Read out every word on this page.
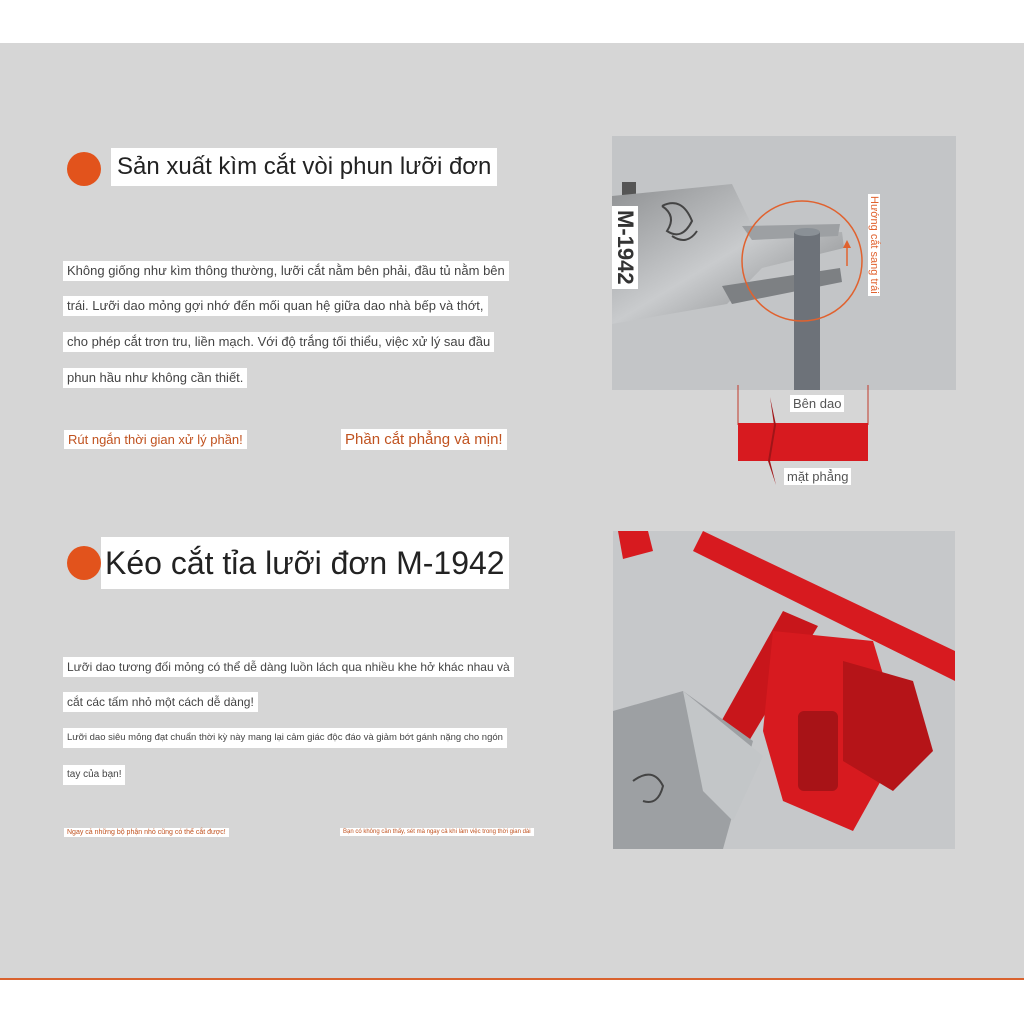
Sản xuất kìm cắt vòi phun lưỡi đơn
Không giống như kìm thông thường, lưỡi cắt nằm bên phải, đầu tủ nằm bên
trái. Lưỡi dao mỏng gợi nhớ đến mối quan hệ giữa dao nhà bếp và thớt,
cho phép cắt trơn tru, liền mạch. Với độ trắng tối thiểu, việc xử lý sau đầu
phun hầu như không cần thiết.
Rút ngắn thời gian xử lý phần!	Phần cắt phẳng và mịn!
M-1942	Hướng cắt sang trái
Bên dao
mặt phẳng
Kéo cắt tỉa lưỡi đơn M-1942
Lưỡi dao tương đối mỏng có thể dễ dàng luồn lách qua nhiều khe hở khác nhau và
cắt các tấm nhỏ một cách dễ dàng!
Lưỡi dao siêu mỏng đạt chuẩn thời kỳ này mang lại cảm giác độc đáo và giảm bớt gánh nặng cho ngón
tay của bạn!
Ngay cả những bộ phận nhỏ cũng có thể cắt được!	Bạn có không cần thấy, sét mà ngay cả khi làm việc trong thời gian dài
